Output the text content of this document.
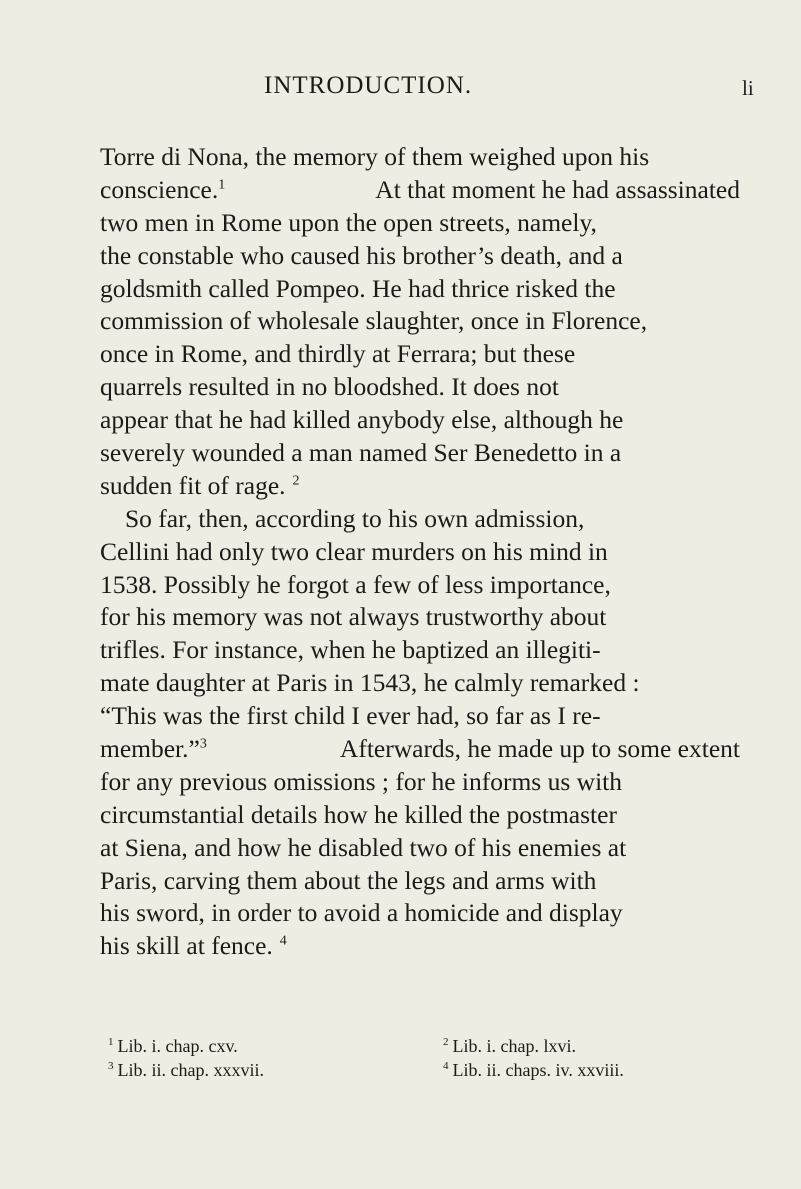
INTRODUCTION.	li
Torre di Nona, the memory of them weighed upon his
conscience.$^1$	At that moment he had assassinated
two men in Rome upon the open streets, namely,
the constable who caused his brother’s death, and a
goldsmith called Pompeo. He had thrice risked the
commission of wholesale slaughter, once in Florence,
once in Rome, and thirdly at Ferrara; but these
quarrels resulted in no bloodshed. It does not
appear that he had killed anybody else, although he
severely wounded a man named Ser Benedetto in a
sudden fit of rage. $^2$
So far, then, according to his own admission,
Cellini had only two clear murders on his mind in
1538. Possibly he forgot a few of less importance,
for his memory was not always trustworthy about
trifles. For instance, when he baptized an illegiti-
mate daughter at Paris in 1543, he calmly remarked :
“This was the first child I ever had, so far as I re-
member.”$^3$	Afterwards, he made up to some extent
for any previous omissions ; for he informs us with
circumstantial details how he killed the postmaster
at Siena, and how he disabled two of his enemies at
Paris, carving them about the legs and arms with
his sword, in order to avoid a homicide and display
his skill at fence. $^4$
$^1$ Lib. i. chap. cxv.	$^2$ Lib. i. chap. lxvi.
$^3$ Lib. ii. chap. xxxvii.	$^4$ Lib. ii. chaps. iv. xxviii.
